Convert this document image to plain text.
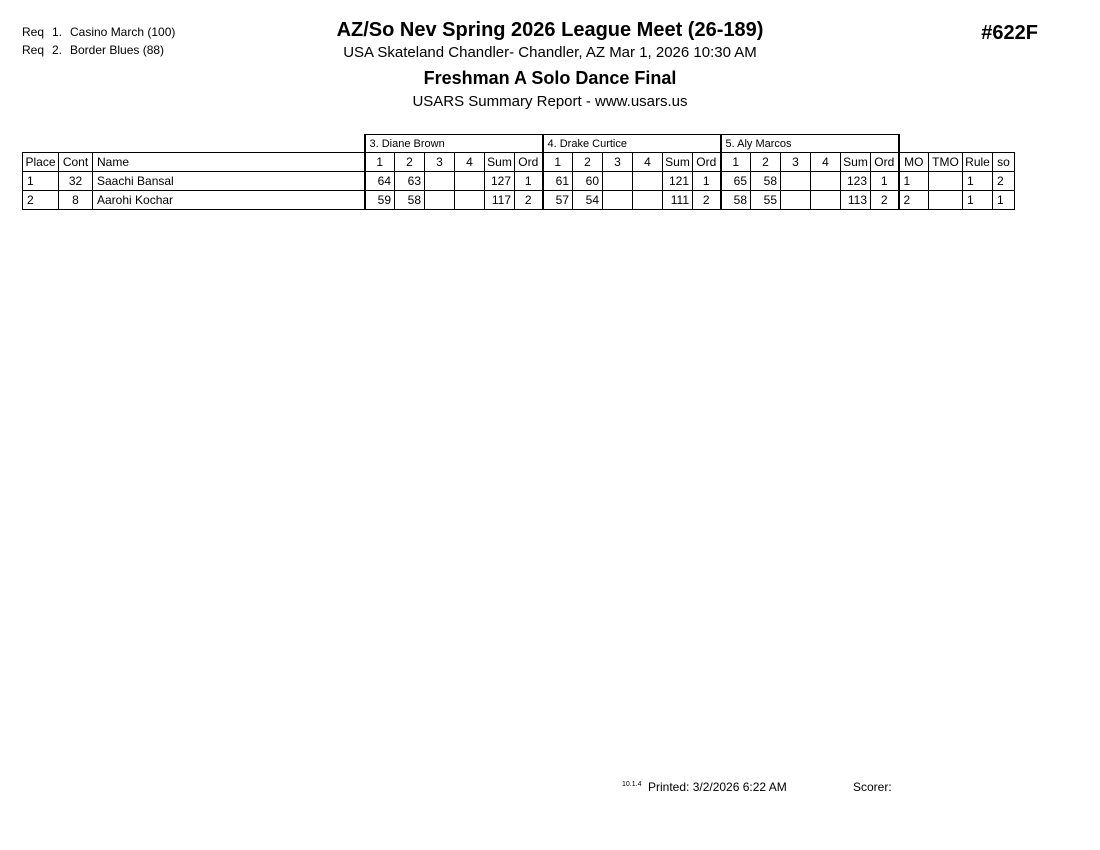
Req 1. Casino March (100)
Req 2. Border Blues (88)
AZ/So Nev Spring 2026 League Meet (26-189)
USA Skateland Chandler- Chandler, AZ Mar 1, 2026 10:30 AM
Freshman A Solo Dance Final
USARS Summary Report - www.usars.us
#622F
			3. Diane Brown						4. Drake Curtice						5. Aly Marcos									
Place	Cont	Name	1	2	3	4	Sum	Ord	1	2	3	4	Sum	Ord	1	2	3	4	Sum	Ord	MO	TMO	Rule	so
1	32	Saachi Bansal	64	63			127	1	61	60			121	1	65	58			123	1	1		1	2
2	8	Aarohi Kochar	59	58			117	2	57	54			111	2	58	55			113	2	2		1	1
10.1.4 Printed: 3/2/2026 6:22 AM	Scorer:
